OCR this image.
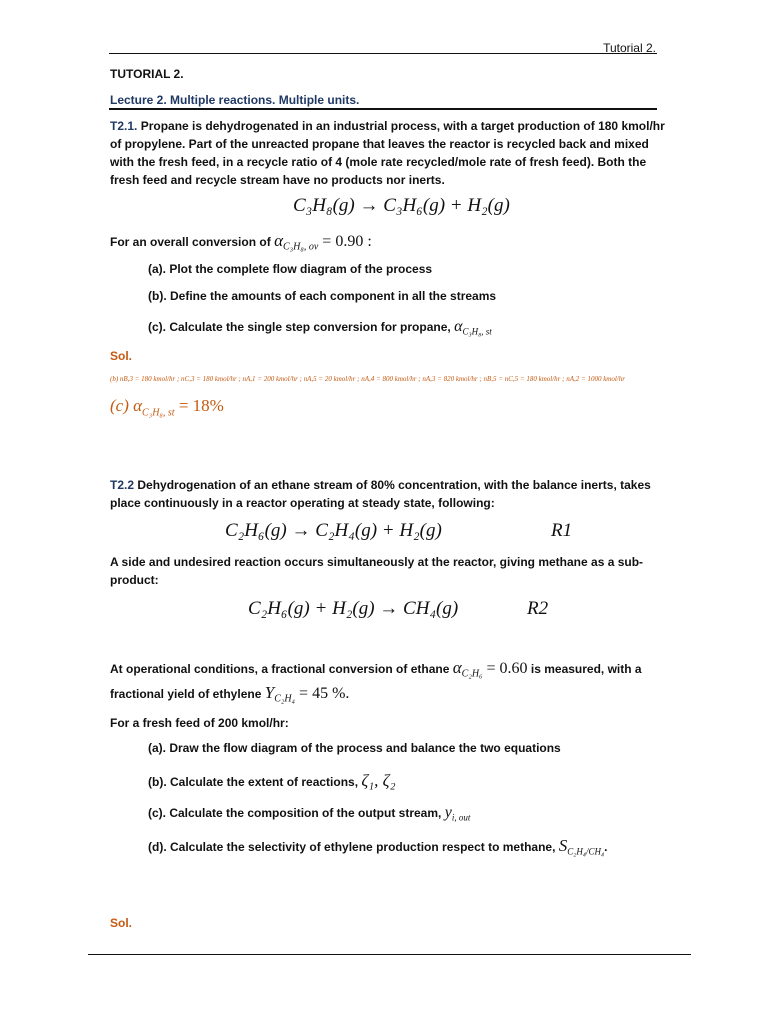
Tutorial 2.
TUTORIAL 2.
Lecture 2. Multiple reactions. Multiple units.
T2.1. Propane is dehydrogenated in an industrial process, with a target production of 180 kmol/hr
of propylene. Part of the unreacted propane that leaves the reactor is recycled back and mixed
with the fresh feed, in a recycle ratio of 4 (mole rate recycled/mole rate of fresh feed). Both the
fresh feed and recycle stream have no products nor inerts.
C₃H₈(g) → C₃H₆(g) + H₂(g)
For an overall conversion of $\alpha_{C_3H_8, ov} = 0.90$ :
(a). Plot the complete flow diagram of the process
(b). Define the amounts of each component in all the streams
(c). Calculate the single step conversion for propane, $\alpha_{C_3H_8, st}$
Sol.
(b) nB,3 = 180 kmol/hr ; nC,3 = 180 kmol/hr ; nA,1 = 200 kmol/hr ; nA,5 = 20 kmol/hr ; nA,4 = 800 kmol/hr ; nA,3 = 820 kmol/hr ; nB,5 = nC,5 = 180 kmol/hr ; nA,2 = 1000 kmol/hr
(c) $\alpha_{C_3H_8, st} = 18\%$
T2.2 Dehydrogenation of an ethane stream of 80% concentration, with the balance inerts, takes
place continuously in a reactor operating at steady state, following:
C₂H₆(g) → C₂H₄(g) + H₂(g)	R1
A side and undesired reaction occurs simultaneously at the reactor, giving methane as a sub-
product:
C₂H₆(g) + H₂(g) → CH₄(g)	R2
At operational conditions, a fractional conversion of ethane $\alpha_{C_2H_6} = 0.60$ is measured, with a
fractional yield of ethylene $Y_{C_2H_4} = 45$ %.
For a fresh feed of 200 kmol/hr:
(a). Draw the flow diagram of the process and balance the two equations
(b). Calculate the extent of reactions, ζ₁, ζ₂
(c). Calculate the composition of the output stream, $y_{i, out}$
(d). Calculate the selectivity of ethylene production respect to methane, $S_{C_2H_4/CH_4}$.
Sol.
